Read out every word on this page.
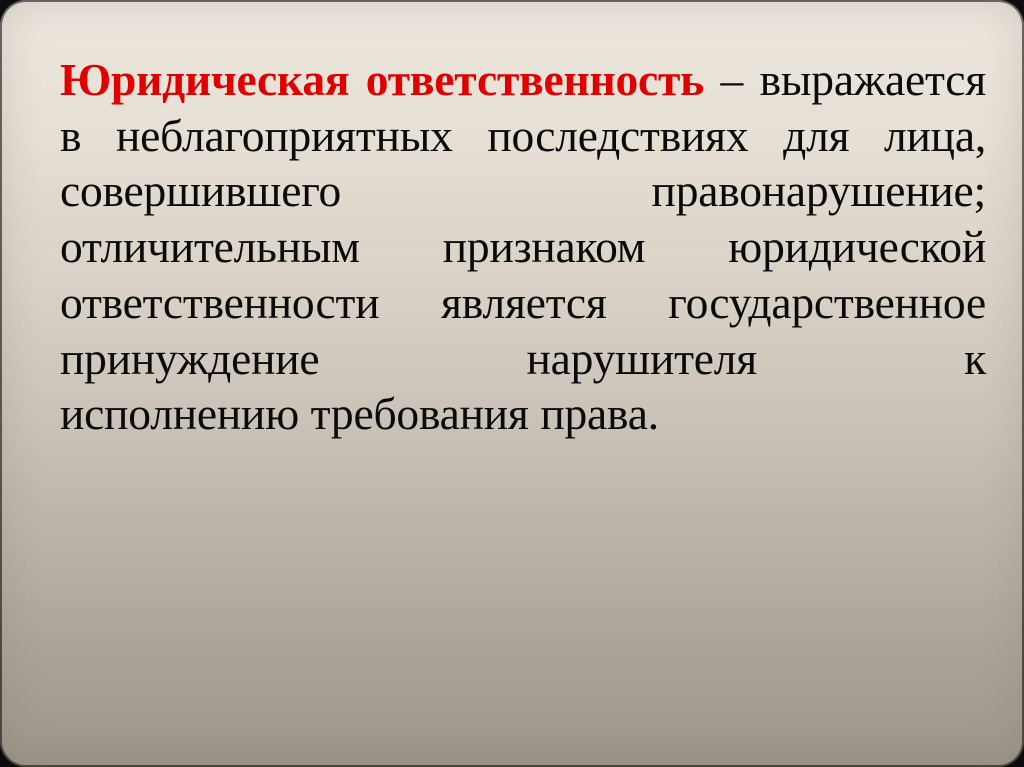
Юридическая ответственность – выражается в неблагоприятных последствиях для лица, совершившего правонарушение; отличительным признаком юридической ответственности является государственное принуждение нарушителя к
исполнению требования права.
